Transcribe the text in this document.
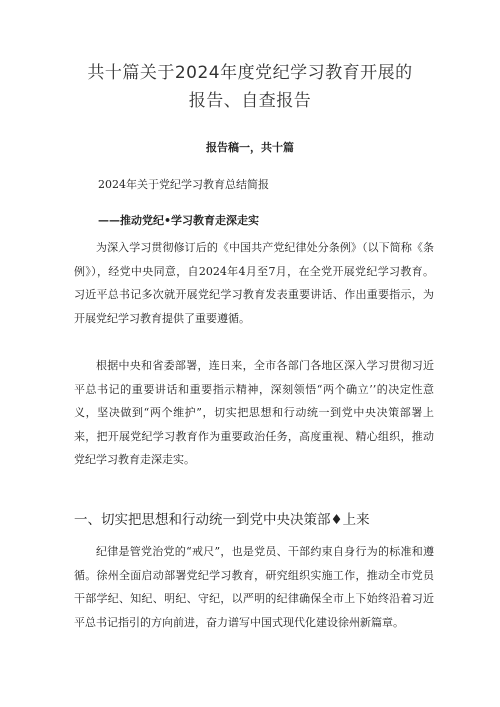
共十篇关于2024年度党纪学习教育开展的
报告、自查报告
报告稿一，共十篇
2024年关于党纪学习教育总结简报
——推动党纪•学习教育走深走实

为深入学习贯彻修订后的《中国共产党纪律处分条例》（以下简称《条例》），经党中央同意，自2024年4月至7月，在全党开展党纪学习教育。习近平总书记多次就开展党纪学习教育发表重要讲话、作出重要指示，为开展党纪学习教育提供了重要遵循。

根据中央和省委部署，连日来，全市各部门各地区深入学习贯彻习近平总书记的重要讲话和重要指示精神，深刻领悟“两个确立’’的决定性意义，坚决做到“两个维护”，切实把思想和行动统一到党中央决策部署上来，把开展党纪学习教育作为重要政治任务，高度重视、精心组织，推动党纪学习教育走深走实。

一、切实把思想和行动统一到党中央决策部♦上来

纪律是管党治党的“戒尺”，也是党员、干部约束自身行为的标准和遵循。徐州全面启动部署党纪学习教育，研究组织实施工作，推动全市党员干部学纪、知纪、明纪、守纪，以严明的纪律确保全市上下始终沿着习近平总书记指引的方向前进，奋力谱写中国式现代化建设徐州新篇章。
